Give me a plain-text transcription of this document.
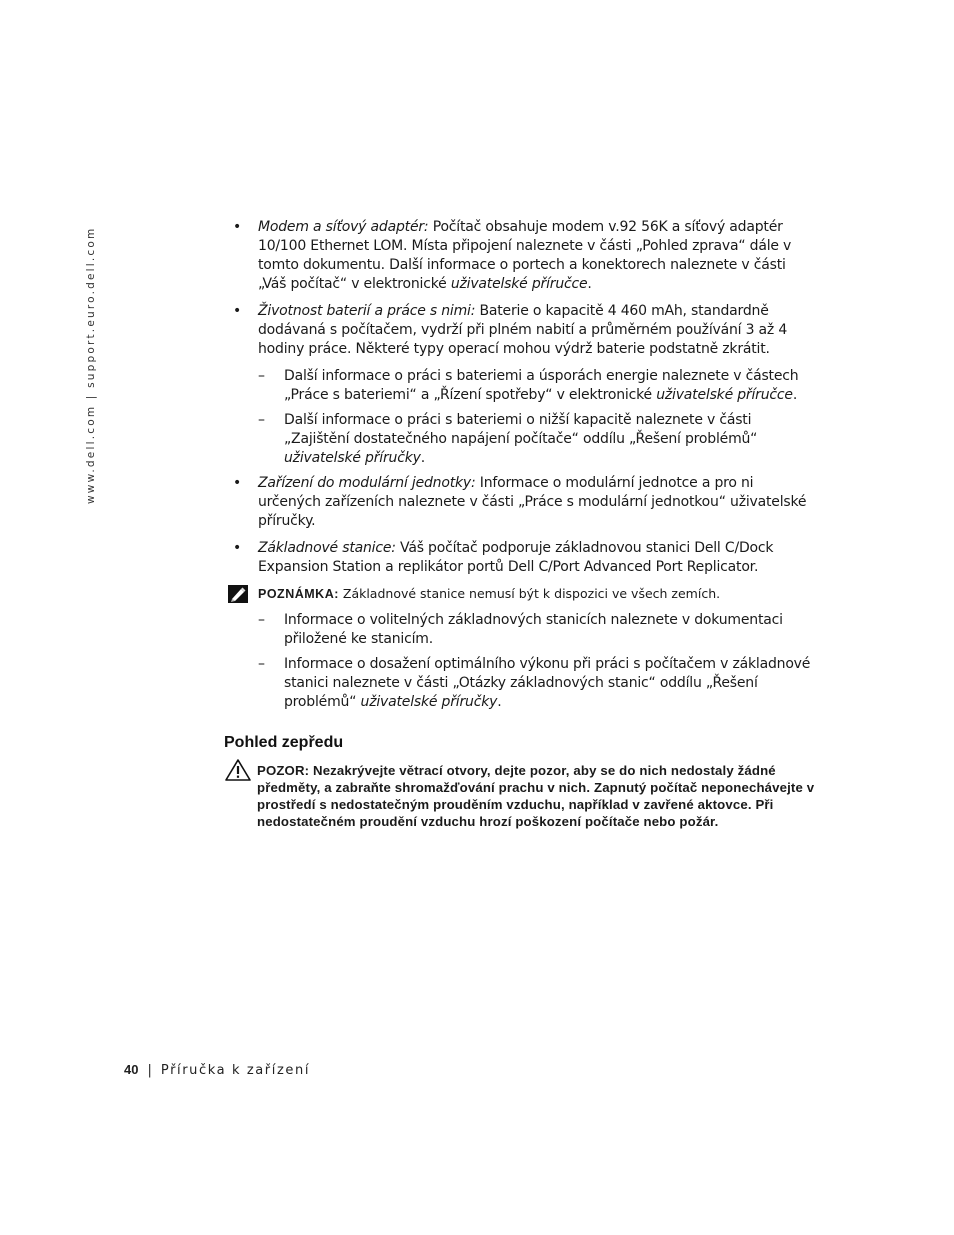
www.dell.com | support.euro.dell.com	• Modem a síťový adaptér: Počítač obsahuje modem v.92 56K a síťový adaptér 10/100 Ethernet LOM. Místa připojení naleznete v části „Pohled zprava“ dále v tomto dokumentu. Další informace o portech a konektorech naleznete v části „Váš počítač“ v elektronické uživatelské příručce.
• Životnost baterií a práce s nimi: Baterie o kapacitě 4 460 mAh, standardně dodávaná s počítačem, vydrží při plném nabití a průměrném používání 3 až 4 hodiny práce. Některé typy operací mohou výdrž baterie podstatně zkrátit.
– Další informace o práci s bateriemi a úsporách energie naleznete v částech „Práce s bateriemi“ a „Řízení spotřeby“ v elektronické uživatelské příručce.
– Další informace o práci s bateriemi o nižší kapacitě naleznete v části „Zajištění dostatečného napájení počítače“ oddílu „Řešení problémů“ uživatelské příručky.
• Zařízení do modulární jednotky: Informace o modulární jednotce a pro ni určených zařízeních naleznete v části „Práce s modulární jednotkou“ uživatelské příručky.
• Základnové stanice: Váš počítač podporuje základnovou stanici Dell C/Dock Expansion Station a replikátor portů Dell C/Port Advanced Port Replicator.
POZNÁMKA: Základnové stanice nemusí být k dispozici ve všech zemích.
– Informace o volitelných základnových stanicích naleznete v dokumentaci přiložené ke stanicím.
– Informace o dosažení optimálního výkonu při práci s počítačem v základnové stanici naleznete v části „Otázky základnových stanic“ oddílu „Řešení problémů“ uživatelské příručky.
Pohled zepředu
POZOR: Nezakrývejte větrací otvory, dejte pozor, aby se do nich nedostaly žádné předměty, a zabraňte shromažďování prachu v nich. Zapnutý počítač neponechávejte v prostředí s nedostatečným prouděním vzduchu, například v zavřené aktovce. Při nedostatečném proudění vzduchu hrozí poškození počítače nebo požár.
40 | Příručka k zařízení
